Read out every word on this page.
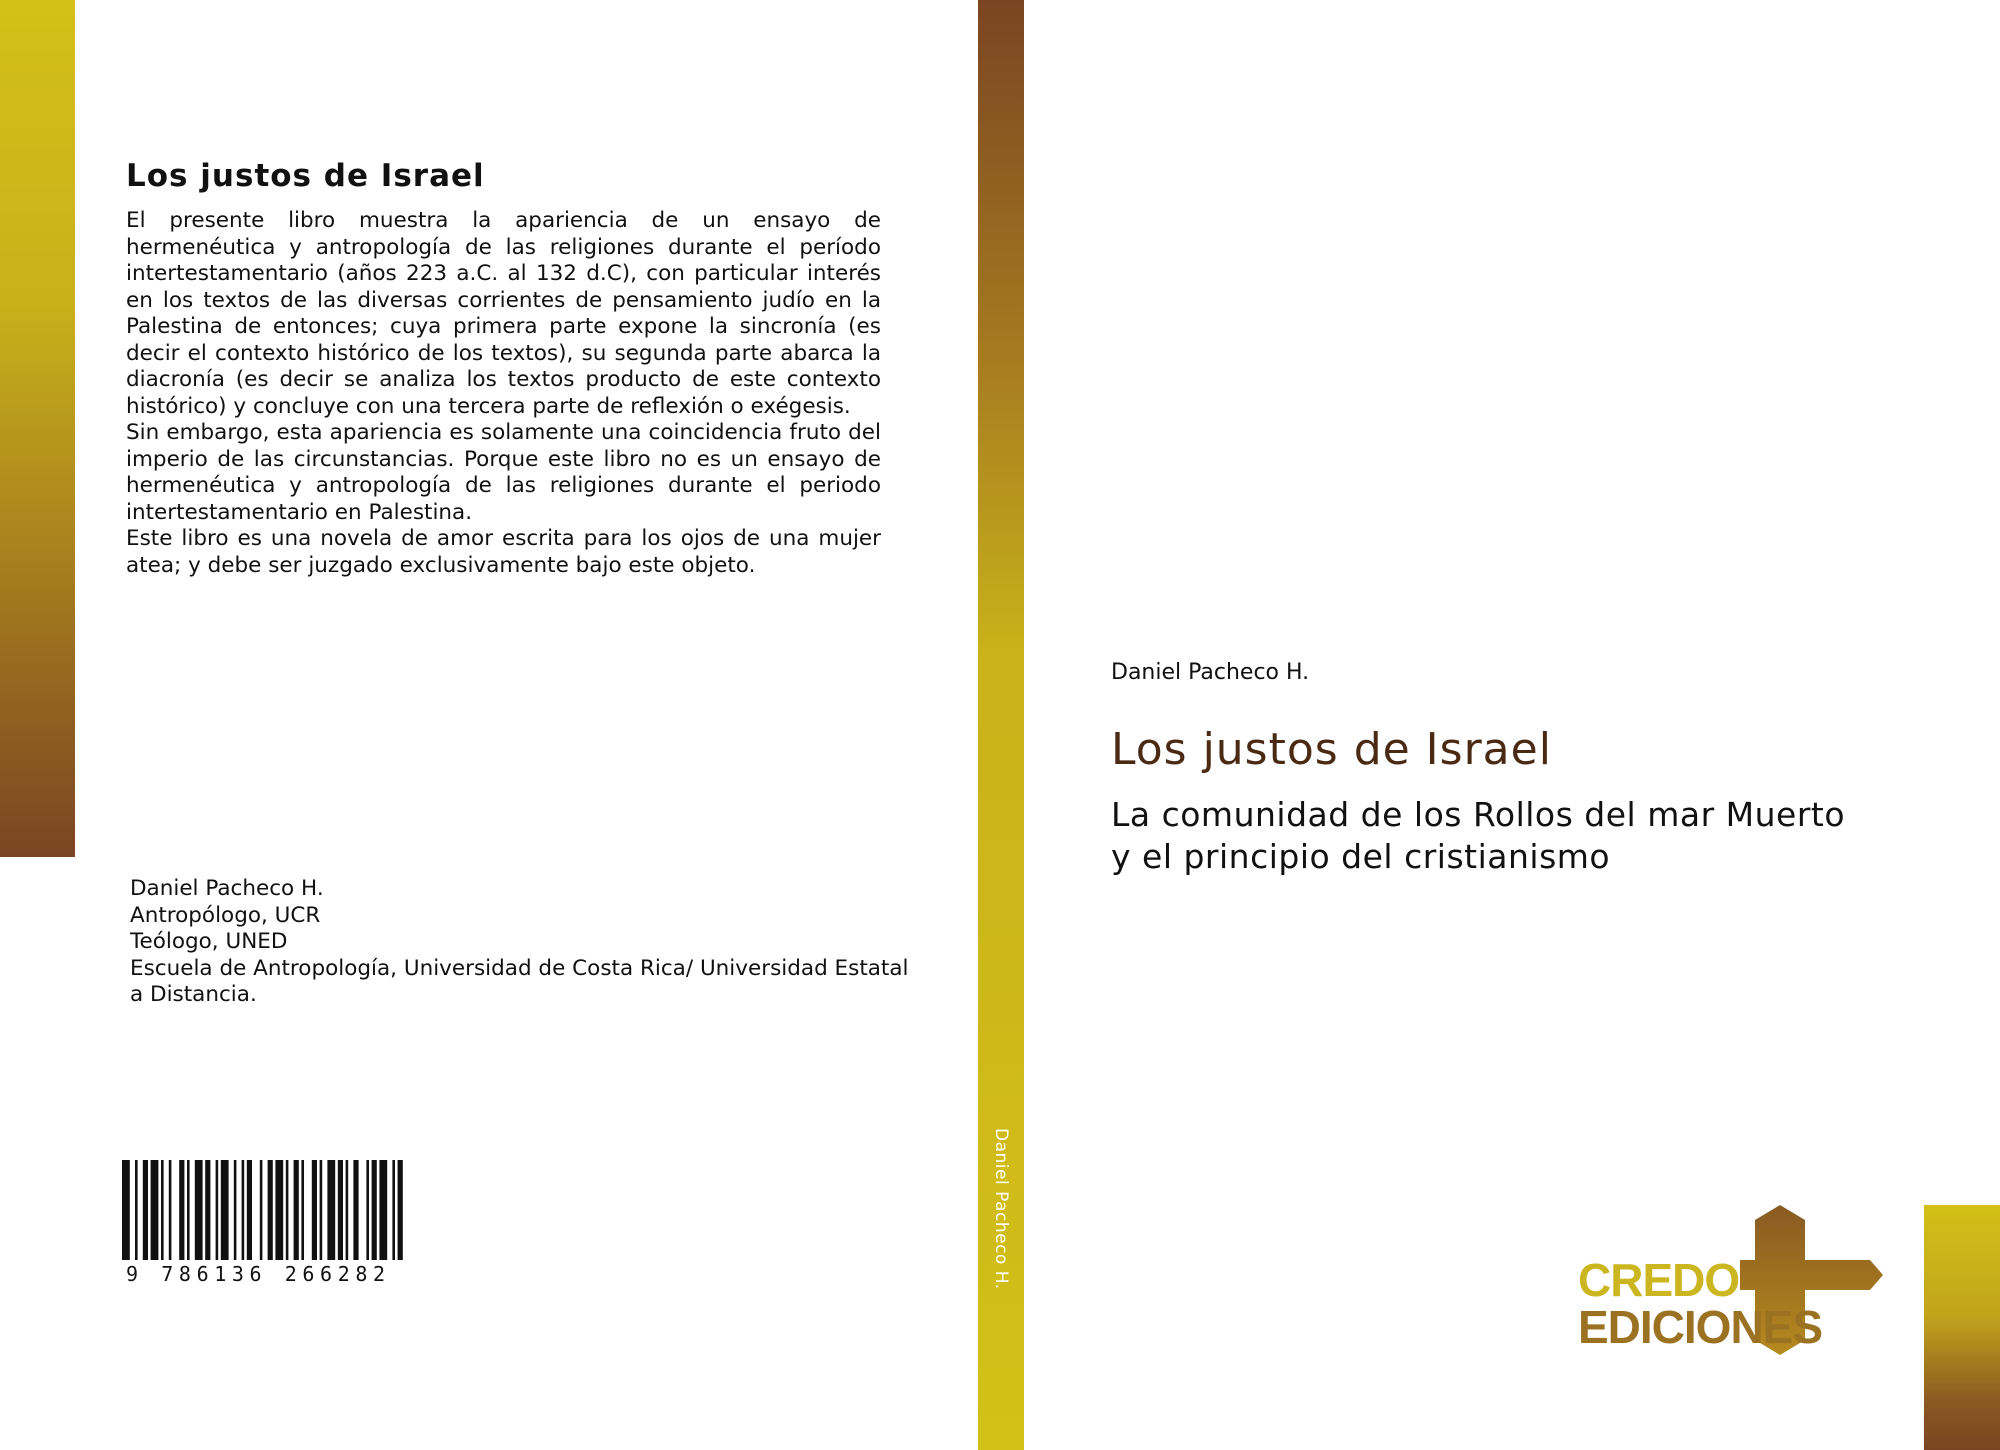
Los justos de Israel

El presente libro muestra la apariencia de un ensayo de hermenéutica y antropología de las religiones durante el período intertestamentario (años 223 a.C. al 132 d.C), con particular interés en los textos de las diversas corrientes de pensamiento judío en la Palestina de entonces; cuya primera parte expone la sincronía (es decir el contexto histórico de los textos), su segunda parte abarca la diacronía (es decir se analiza los textos producto de este contexto histórico) y concluye con una tercera parte de reflexión o exégesis.

Sin embargo, esta apariencia es solamente una coincidencia fruto del imperio de las circunstancias. Porque este libro no es un ensayo de hermenéutica y antropología de las religiones durante el periodo intertestamentario en Palestina.

Este libro es una novela de amor escrita para los ojos de una mujer atea; y debe ser juzgado exclusivamente bajo este objeto.

Daniel Pacheco H.
Antropólogo, UCR
Teólogo, UNED
Escuela de Antropología, Universidad de Costa Rica/ Universidad Estatal a Distancia.
9 786136 266282	Daniel Pacheco H.
Daniel Pacheco H.
Los justos de Israel
La comunidad de los Rollos del mar Muerto y el principio del cristianismo
CREDO
EDICIONES
